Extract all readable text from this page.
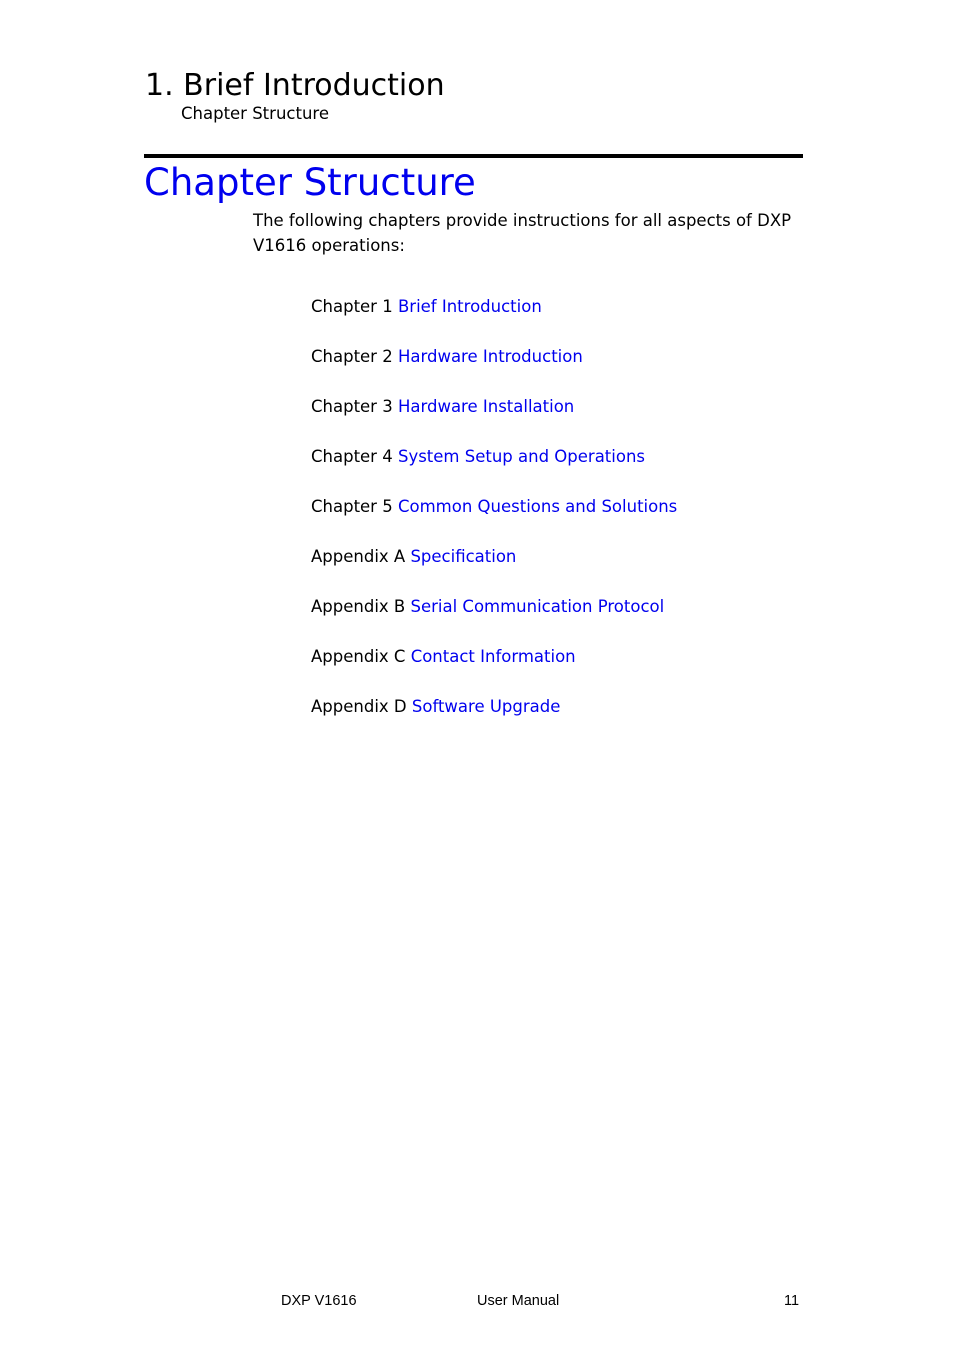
1. Brief Introduction
Chapter Structure
Chapter Structure
The following chapters provide instructions for all aspects of DXP V1616 operations:
Chapter 1 Brief Introduction
Chapter 2 Hardware Introduction
Chapter 3 Hardware Installation
Chapter 4 System Setup and Operations
Chapter 5 Common Questions and Solutions
Appendix A Specification
Appendix B Serial Communication Protocol
Appendix C Contact Information
Appendix D Software Upgrade
DXP V1616	User Manual	11
